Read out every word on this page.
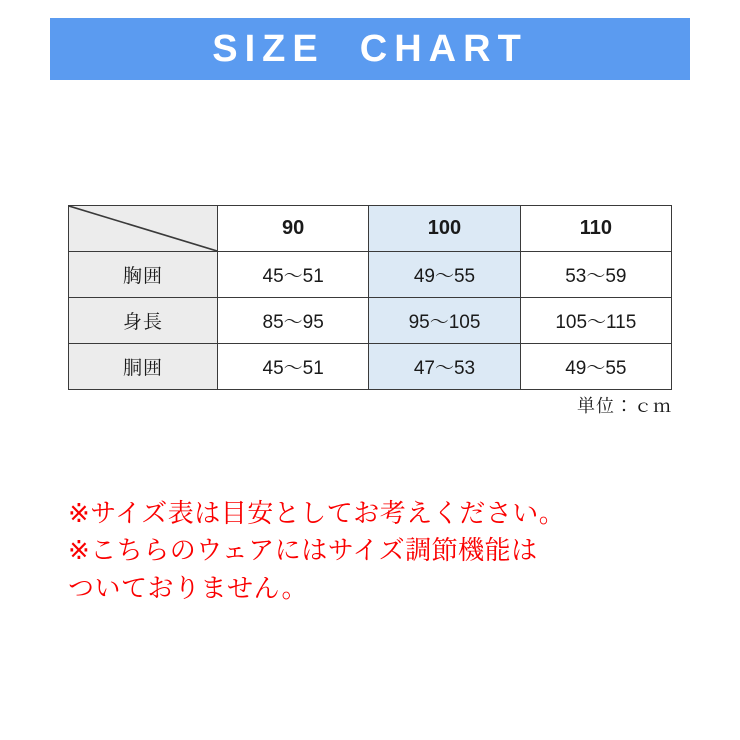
SIZE  CHART
	90	100	110
胸囲	45〜51	49〜55	53〜59
身長	85〜95	95〜105	105〜115
胴囲	45〜51	47〜53	49〜55
単位：ｃｍ
※サイズ表は目安としてお考えください。
※こちらのウェアにはサイズ調節機能は
ついておりません。
